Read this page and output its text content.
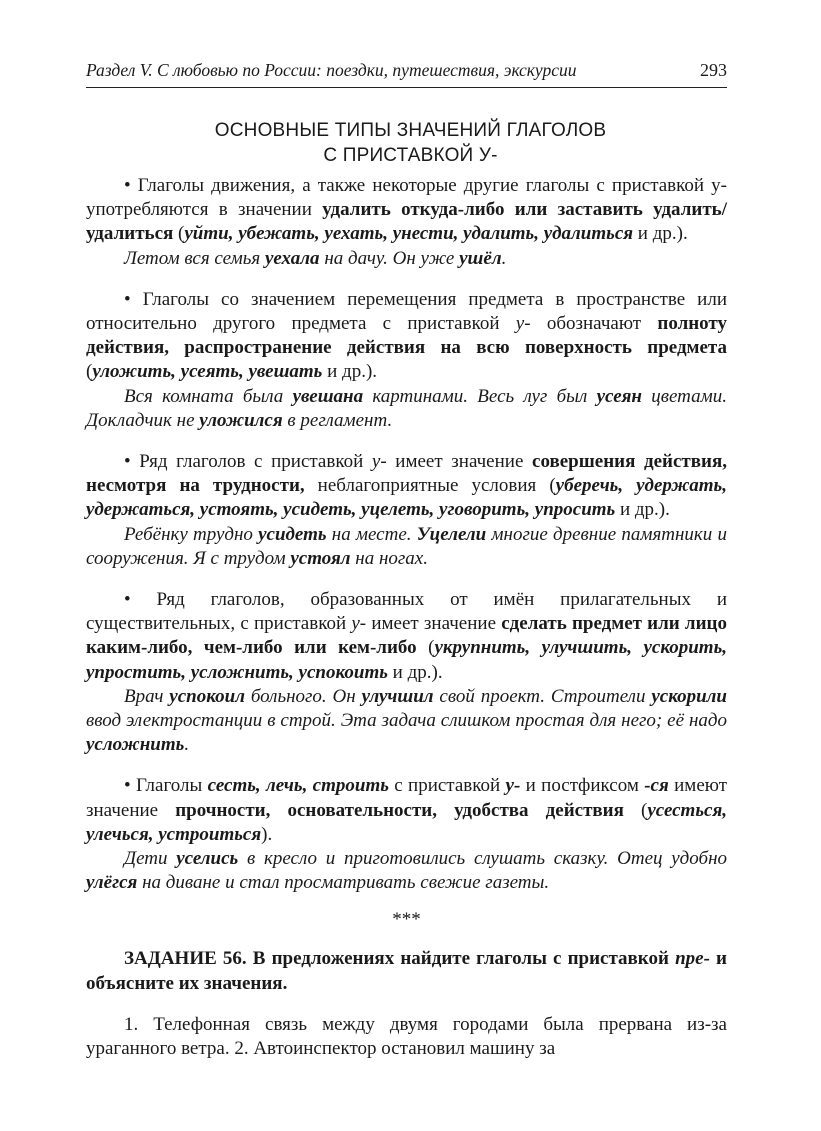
Раздел V. С любовью по России: поездки, путешествия, экскурсии	293
ОСНОВНЫЕ ТИПЫ ЗНАЧЕНИЙ ГЛАГОЛОВ
С ПРИСТАВКОЙ У-

• Глаголы движения, а также некоторые другие глаголы с приставкой у- употребляются в значении удалить откуда-либо или заставить удалить/удалиться (уйти, убежать, уехать, унести, удалить, удалиться и др.).

Летом вся семья уехала на дачу. Он уже ушёл.

• Глаголы со значением перемещения предмета в пространстве или относительно другого предмета с приставкой у- обозначают полноту действия, распространение действия на всю поверхность предмета (уложить, усеять, увешать и др.).

Вся комната была увешана картинами. Весь луг был усеян цветами. Докладчик не уложился в регламент.

• Ряд глаголов с приставкой у- имеет значение совершения действия, несмотря на трудности, неблагоприятные условия (уберечь, удержать, удержаться, устоять, усидеть, уцелеть, уговорить, упросить и др.).

Ребёнку трудно усидеть на месте. Уцелели многие древние памятники и сооружения. Я с трудом устоял на ногах.

• Ряд глаголов, образованных от имён прилагательных и существительных, с приставкой у- имеет значение сделать предмет или лицо каким-либо, чем-либо или кем-либо (укрупнить, улучшить, ускорить, упростить, усложнить, успокоить и др.).

Врач успокоил больного. Он улучшил свой проект. Строители ускорили ввод электростанции в строй. Эта задача слишком простая для него; её надо усложнить.

• Глаголы сесть, лечь, строить с приставкой у- и постфиксом -ся имеют значение прочности, основательности, удобства действия (усесться, улечься, устроиться).

Дети уселись в кресло и приготовились слушать сказку. Отец удобно улёгся на диване и стал просматривать свежие газеты.

***

ЗАДАНИЕ 56. В предложениях найдите глаголы с приставкой пре- и объясните их значения.

1. Телефонная связь между двумя городами была прервана из-за ураганного ветра. 2. Автоинспектор остановил машину за
